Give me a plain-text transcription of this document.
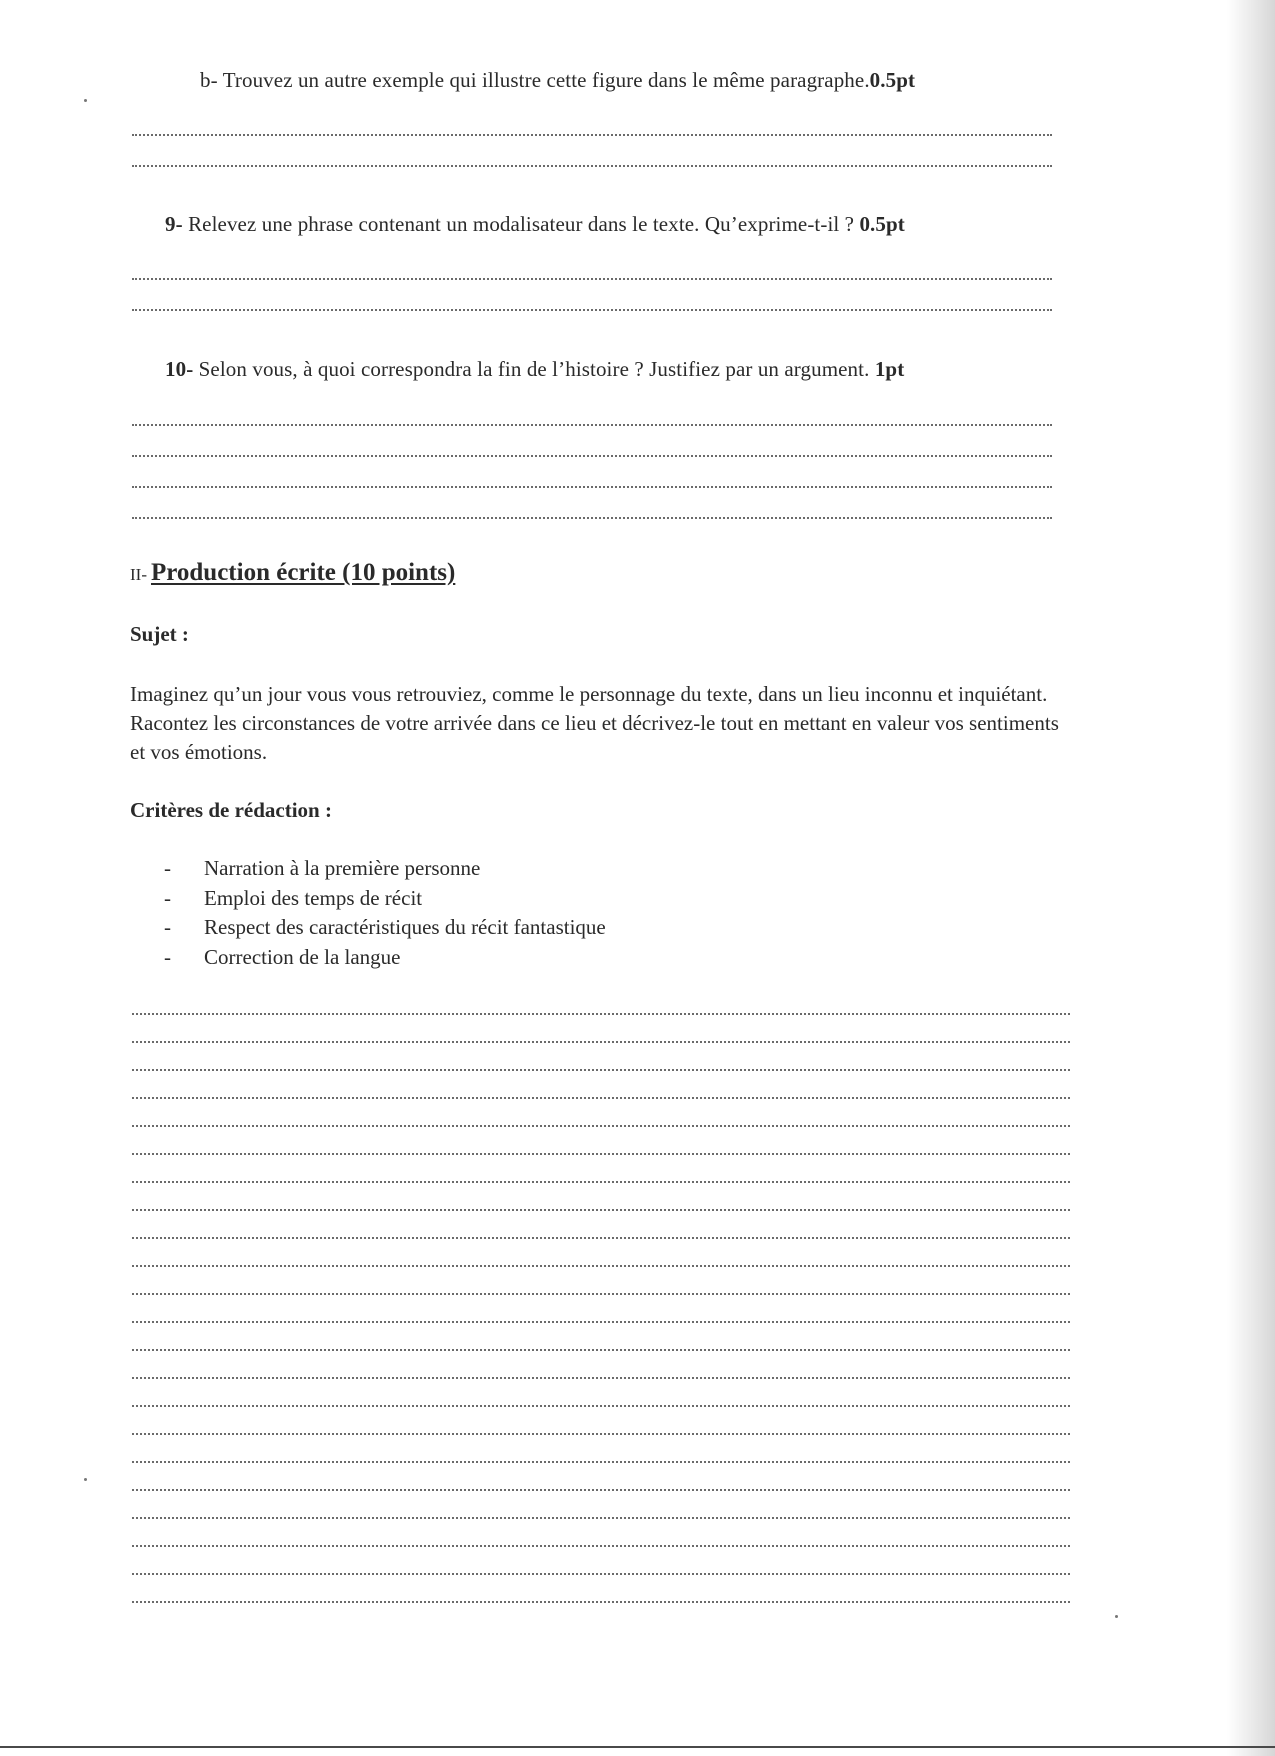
b- Trouvez un autre exemple qui illustre cette figure dans le même paragraphe.0.5pt
9- Relevez une phrase contenant un modalisateur dans le texte. Qu’exprime-t-il ? 0.5pt
10- Selon vous, à quoi correspondra la fin de l’histoire ? Justifiez par un argument. 1pt
II- Production écrite (10 points)
Sujet :
Imaginez qu’un jour vous vous retrouviez, comme le personnage du texte, dans un lieu inconnu et inquiétant. Racontez les circonstances de votre arrivée dans ce lieu et décrivez-le tout en mettant en valeur vos sentiments et vos émotions.
Critères de rédaction :
- Narration à la première personne
- Emploi des temps de récit
- Respect des caractéristiques du récit fantastique
- Correction de la langue
